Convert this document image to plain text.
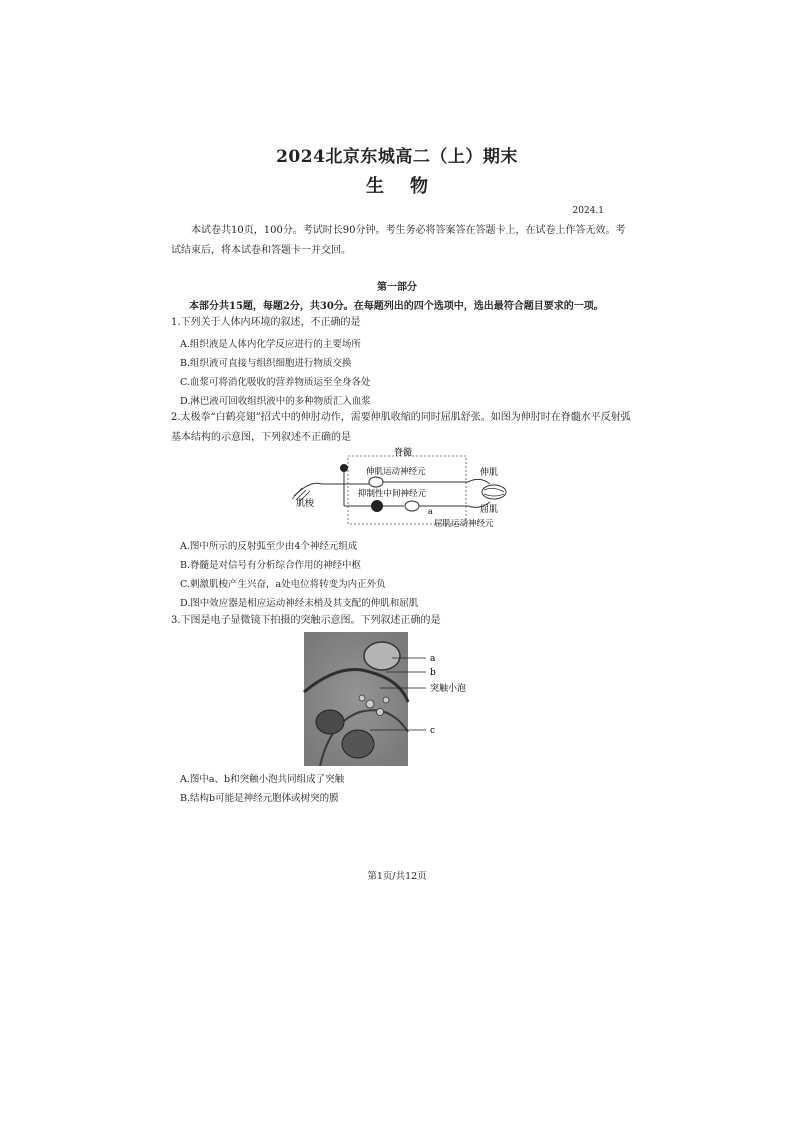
2024北京东城高二（上）期末
生物
2024.1
本试卷共10页，100分。考试时长90分钟。考生务必将答案答在答题卡上，在试卷上作答无效。考试结束后，将本试卷和答题卡一并交回。
第一部分
本部分共15题，每题2分，共30分。在每题列出的四个选项中，选出最符合题目要求的一项。
1.下列关于人体内环境的叙述，不正确的是
A.组织液是人体内化学反应进行的主要场所
B.组织液可直接与组织细胞进行物质交换
C.血浆可将消化吸收的营养物质运至全身各处
D.淋巴液可回收组织液中的多种物质汇入血浆
2.太极拳“白鹤亮翅”招式中的伸肘动作，需要伸肌收缩的同时屈肌舒张。如图为伸肘时在脊髓水平反射弧基本结构的示意图，下列叙述不正确的是
脊髓
伸肌运动神经元
抑制性中间神经元
屈肌运动神经元
肌梭
伸肌
屈肌
a
A.图中所示的反射弧至少由4个神经元组成
B.脊髓是对信号有分析综合作用的神经中枢
C.刺激肌梭产生兴奋，a处电位将转变为内正外负
D.图中效应器是相应运动神经末梢及其支配的伸肌和屈肌
3.下图是电子显微镜下拍摄的突触示意图。下列叙述正确的是
a
b
突触小泡
c
A.图中a、b和突触小泡共同组成了突触
B.结构b可能是神经元胞体或树突的膜
第1页/共12页
